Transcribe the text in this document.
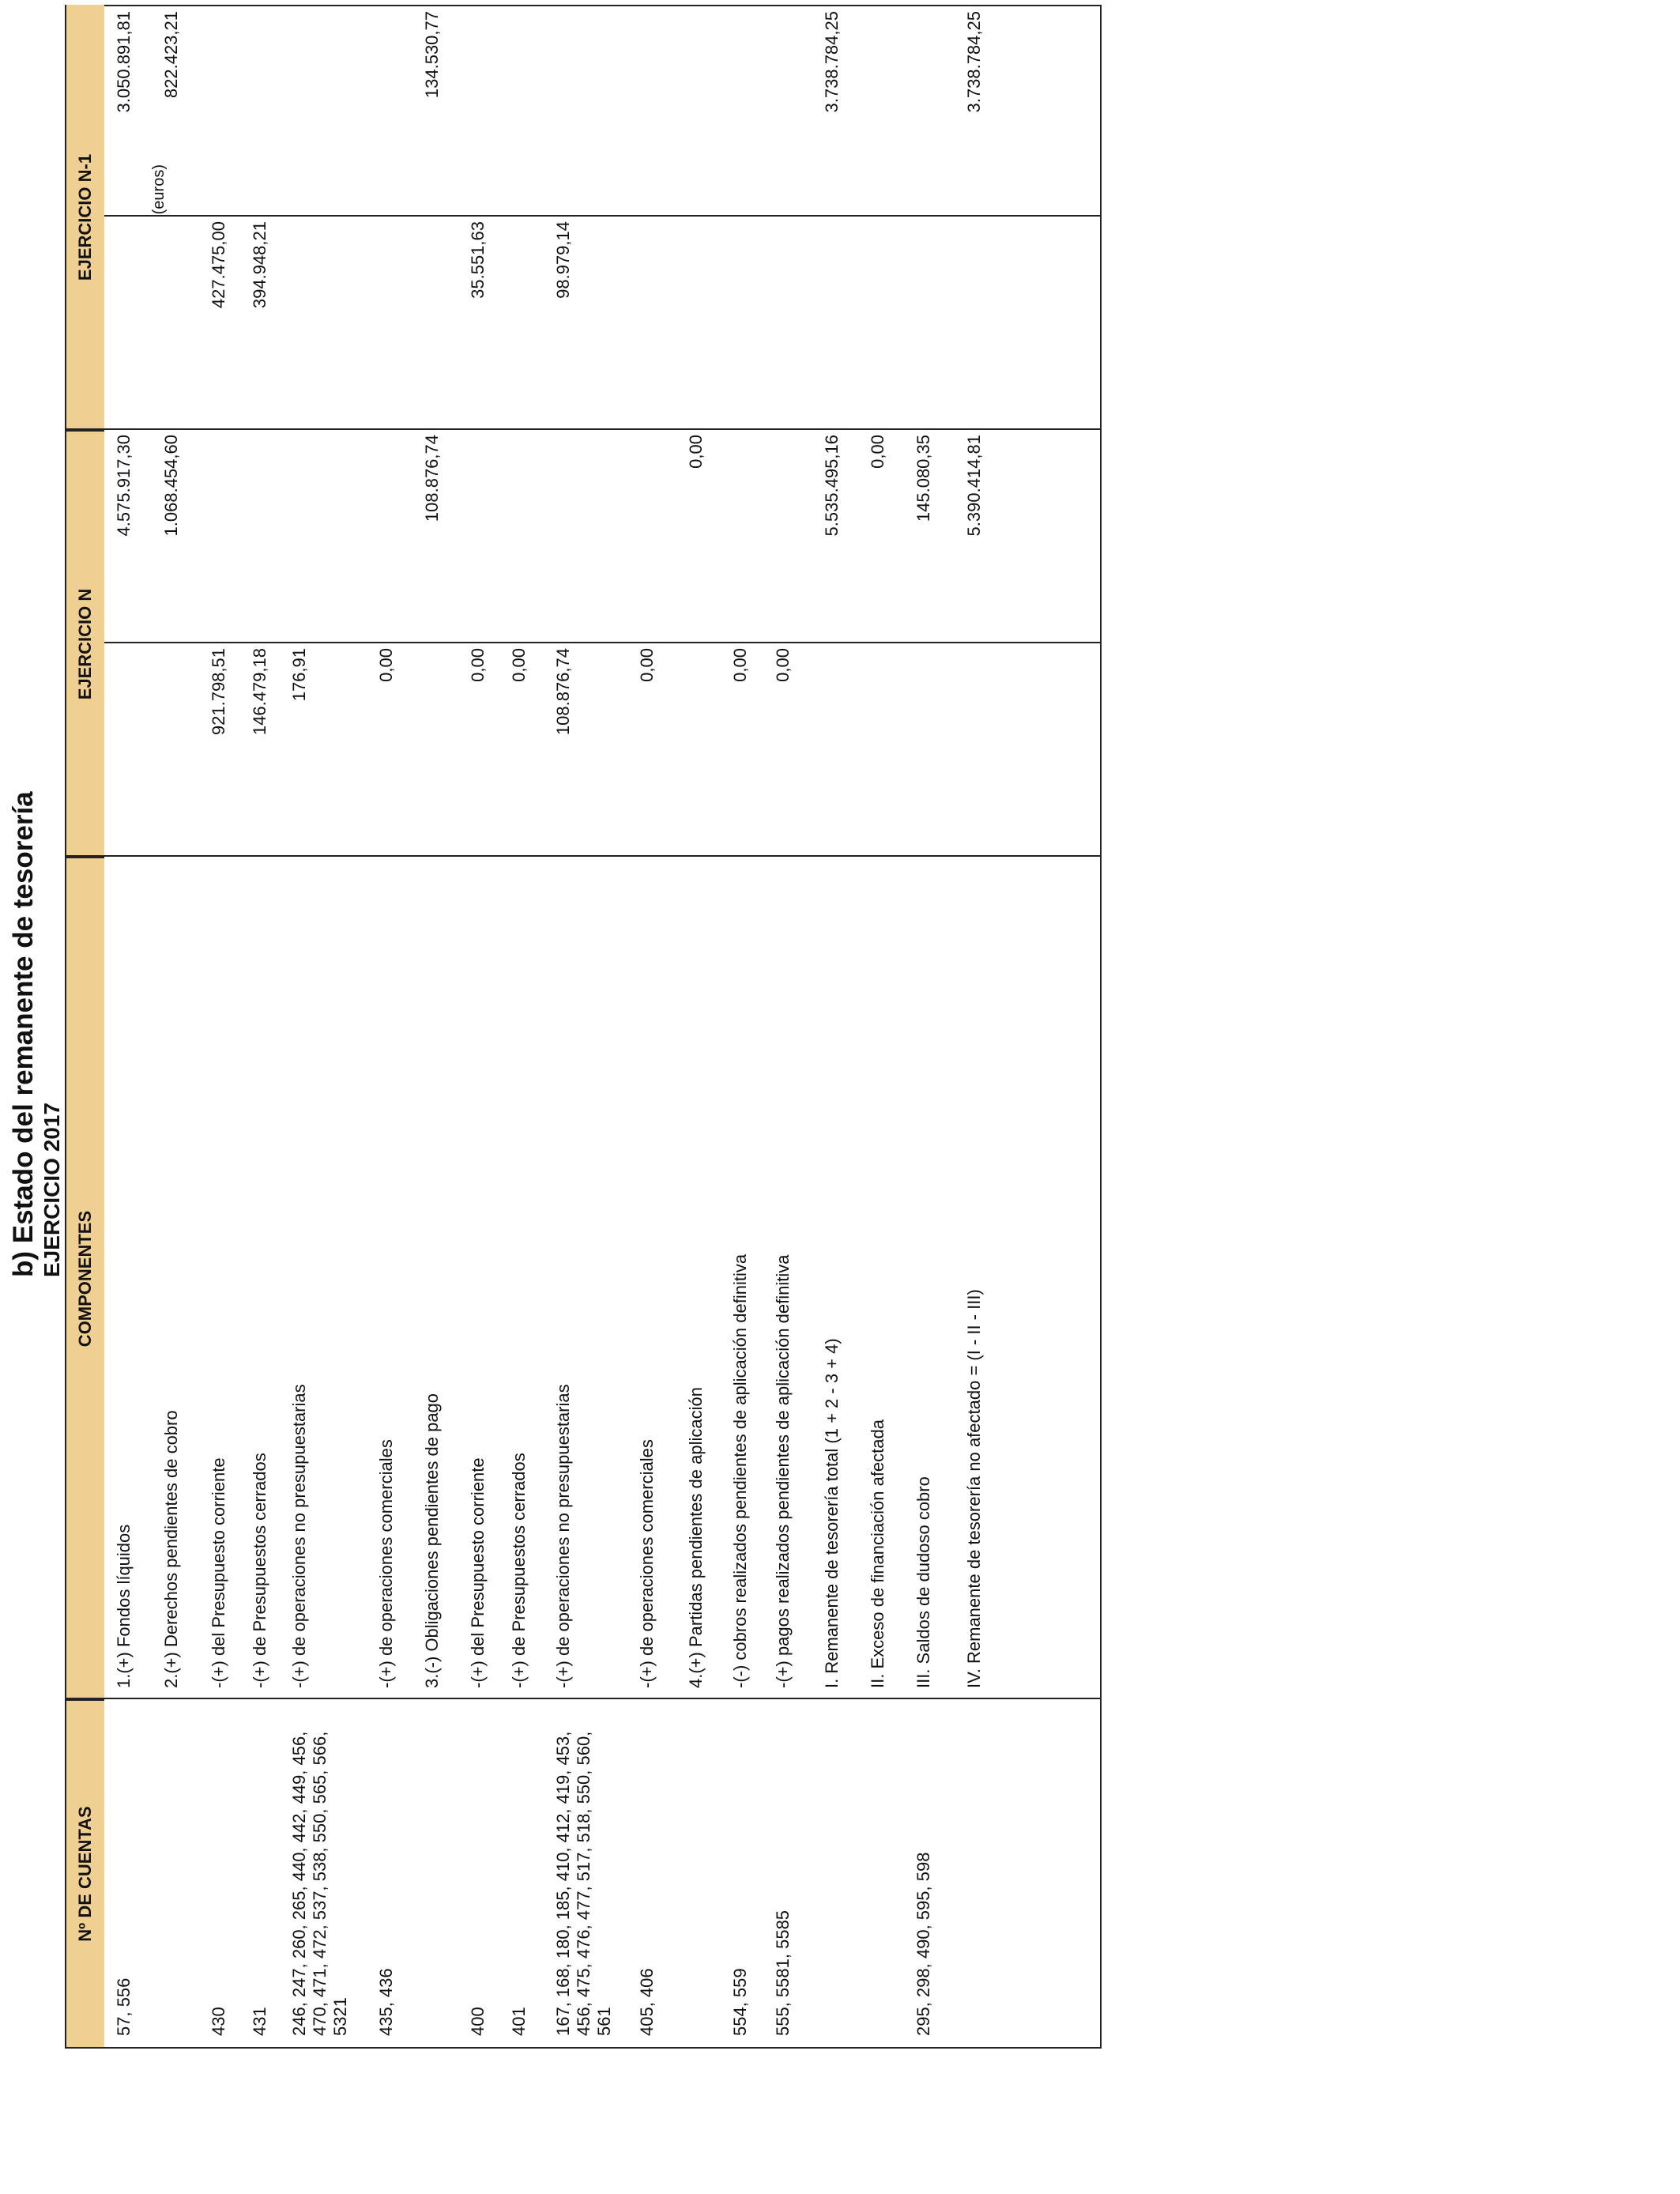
b) Estado del remanente de tesorería EJERCICIO 2017
(euros)
Nº DE CUENTAS
COMPONENTES
EJERCICIO N
EJERCICIO N-1
57, 556
1.(+) Fondos líquidos
4.575.917,30
3.050.891,81
2.(+) Derechos pendientes de cobro
1.068.454,60
822.423,21
430
-(+) del Presupuesto corriente
921.798,51
427.475,00
431
-(+) de Presupuestos cerrados
146.479,18
394.948,21
246, 247, 260, 265, 440, 442, 449, 456, 470, 471, 472, 537, 538, 550, 565, 566, 5321
-(+) de operaciones no presupuestarias
176,91
435, 436
-(+) de operaciones comerciales
0,00
3.(-) Obligaciones pendientes de pago
108.876,74
134.530,77
400
-(+) del Presupuesto corriente
0,00
35.551,63
401
-(+) de Presupuestos cerrados
0,00
167, 168, 180, 185, 410, 412, 419, 453, 456, 475, 476, 477, 517, 518, 550, 560, 561
-(+) de operaciones no presupuestarias
108.876,74
98.979,14
405, 406
-(+) de operaciones comerciales
0,00
4.(+) Partidas pendientes de aplicación
0,00
554, 559
-(-) cobros realizados pendientes de aplicación definitiva
0,00
555, 5581, 5585
-(+) pagos realizados pendientes de aplicación definitiva
0,00
I. Remanente de tesorería total (1 + 2 - 3 + 4)
5.535.495,16
3.738.784,25
II. Exceso de financiación afectada
0,00
295, 298, 490, 595, 598
III. Saldos de dudoso cobro
145.080,35
IV. Remanente de tesorería no afectado = (I - II - III)
5.390.414,81
3.738.784,25
